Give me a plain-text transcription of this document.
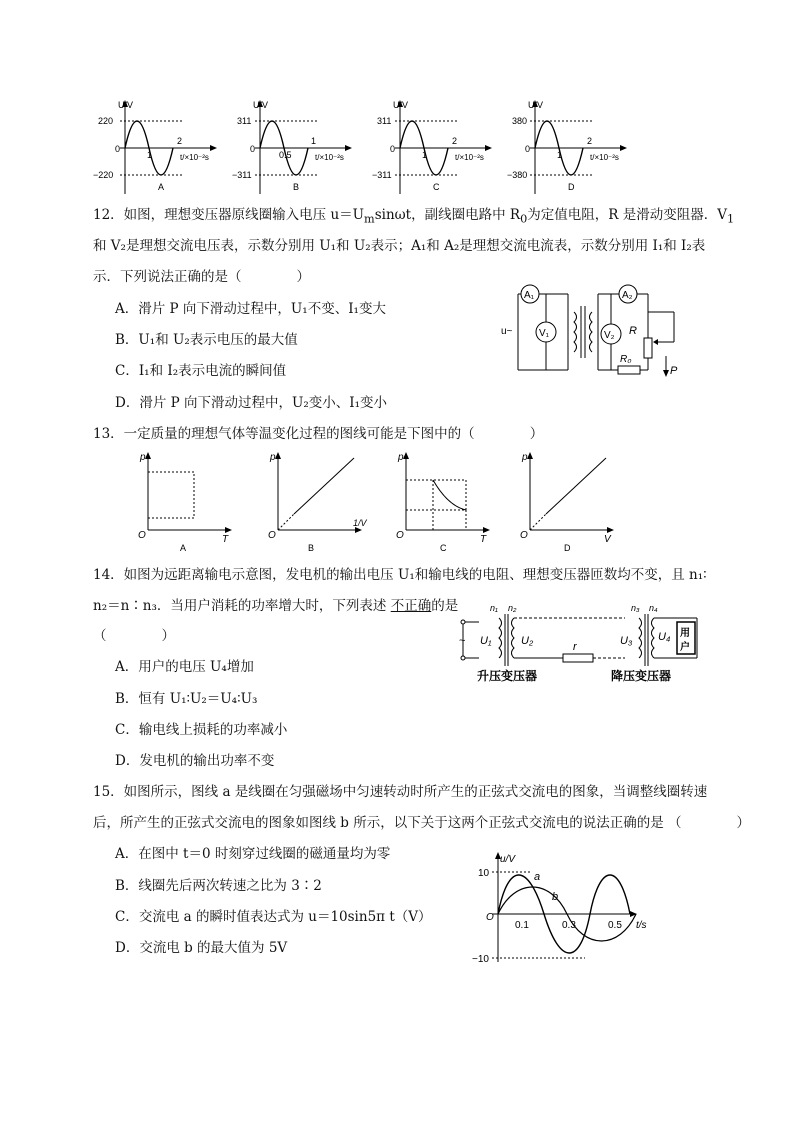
U/V
220
−220
0
1
2
t/×10⁻²s
A
U/V
311
−311
0
0.5
1
t/×10⁻²s
B
U/V
311
−311
0
1
2
t/×10⁻²s
C
U/V
380
−380
0
1
2
t/×10⁻²s
D
12．如图，理想变压器原线圈输入电压 $u=U_m\sin\omega t$，副线圈电路中 $R_0$为定值电阻，R 是滑动变阻器．$V_1$
和 V₂是理想交流电压表，示数分别用 U₁和 U₂表示；A₁和 A₂是理想交流电流表，示数分别用 I₁和 I₂表
示．下列说法正确的是（	）
A．滑片 P 向下滑动过程中，U₁不变、I₁变大
B．U₁和 U₂表示电压的最大值
C．I₁和 I₂表示电流的瞬间值
D．滑片 P 向下滑动过程中，U₂变小、I₁变小
A₁
V₁
u~
A₂
V₂ R
R₀
P
13．一定质量的理想气体等温变化过程的图线可能是下图中的（	）
p
T
O
A
p
1/V
O
B
p
T
O
C
p
V
O
D
14．如图为远距离输电示意图，发电机的输出电压 U₁和输电线的电阻、理想变压器匝数均不变，且 n₁∶
n₂＝n∶n₃．当用户消耗的功率增大时，下列表述 不正确的是
（	）
A．用户的电压 U₄增加
B．恒有 U₁∶U₂＝U₄∶U₃
C．输电线上损耗的功率减小
D．发电机的输出功率不变
~ U₁
n₁ n₂
U₂	r	U₃
n₃ n₄
U₄ 用
户
升压变压器	降压变压器
15．如图所示，图线 a 是线圈在匀强磁场中匀速转动时所产生的正弦式交流电的图象，当调整线圈转速
后，所产生的正弦式交流电的图象如图线 b 所示，以下关于这两个正弦式交流电的说法正确的是 （	）
A．在图中 t＝0 时刻穿过线圈的磁通量均为零
B．线圈先后两次转速之比为 3∶2
C．交流电 a 的瞬时值表达式为 u＝10sin5π t（V）
D．交流电 b 的最大值为 5V
u/V
10
−10
O
0.1	0.3	0.5 t/s
a
b
